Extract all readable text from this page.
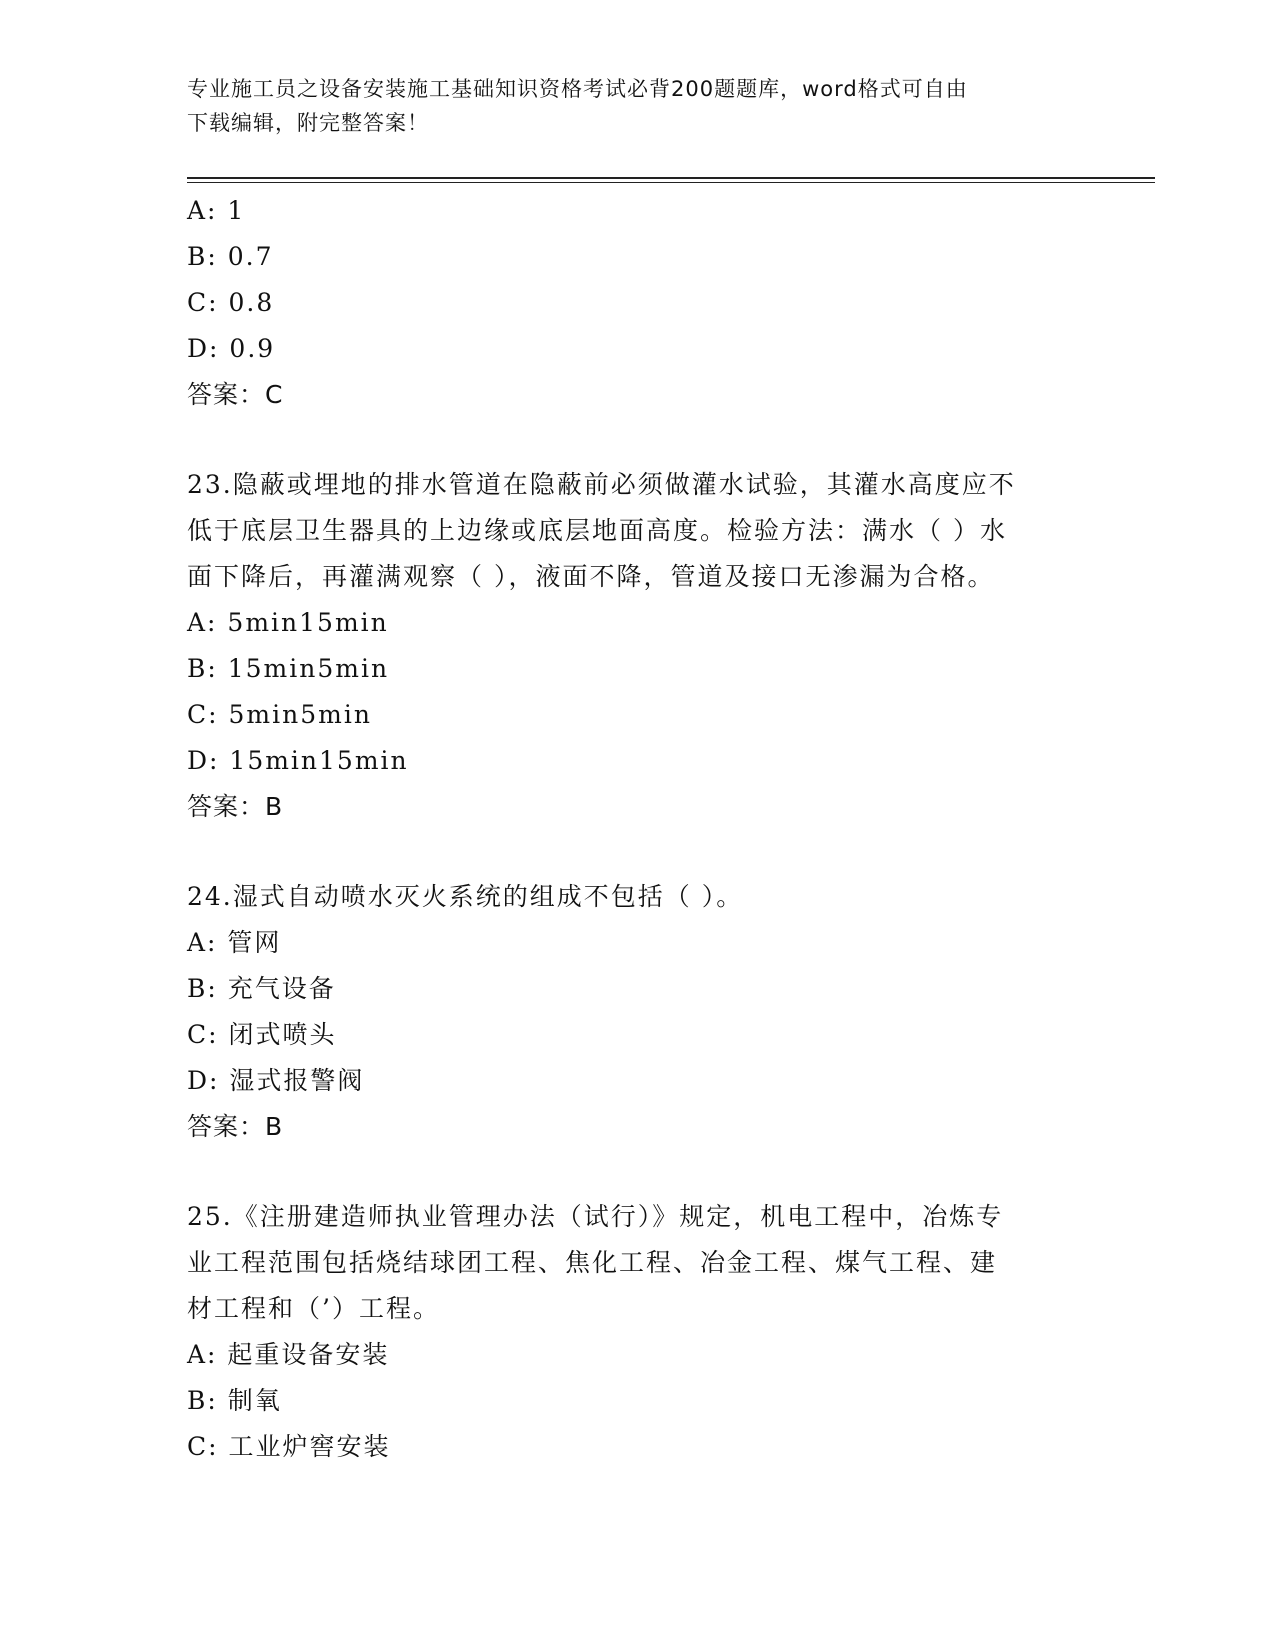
专业施工员之设备安装施工基础知识资格考试必背200题题库，word格式可自由
下载编辑，附完整答案！
A: 1
B: 0.7
C: 0.8
D: 0.9
答案：C
23.隐蔽或埋地的排水管道在隐蔽前必须做灌水试验，其灌水高度应不
低于底层卫生器具的上边缘或底层地面高度。检验方法：满水（ ）水
面下降后，再灌满观察（ ），液面不降，管道及接口无渗漏为合格。
A: 5min15min
B: 15min5min
C: 5min5min
D: 15min15min
答案：B
24.湿式自动喷水灭火系统的组成不包括（ ）。
A: 管网
B: 充气设备
C: 闭式喷头
D: 湿式报警阀
答案：B
25.《注册建造师执业管理办法（试行）》规定，机电工程中，冶炼专
业工程范围包括烧结球团工程、焦化工程、冶金工程、煤气工程、建
材工程和（’）工程。
A: 起重设备安装
B: 制氧
C: 工业炉窖安装
